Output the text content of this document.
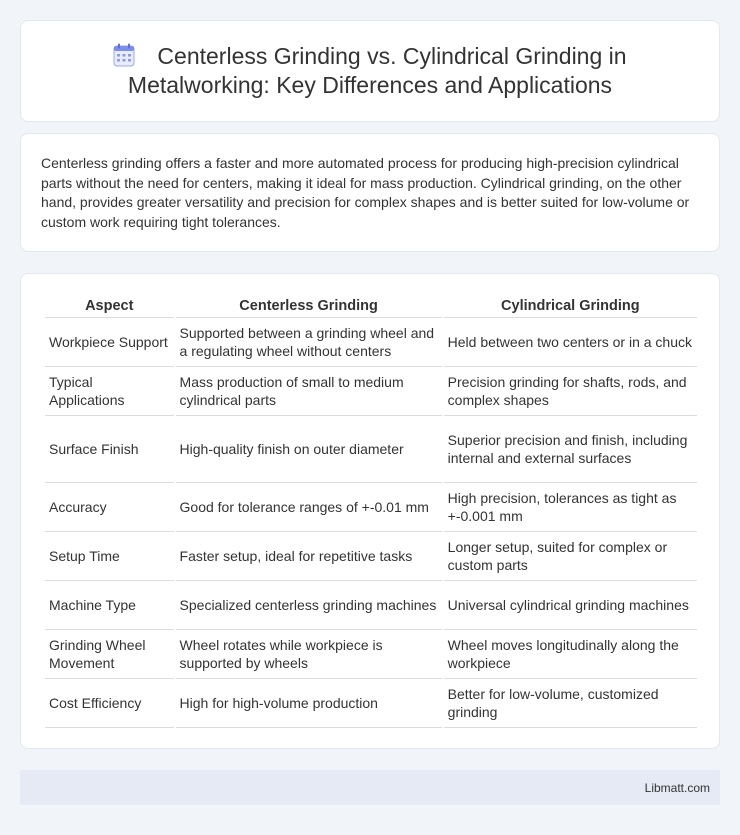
Centerless Grinding vs. Cylindrical Grinding in
Metalworking: Key Differences and Applications

Centerless grinding offers a faster and more automated process for producing high-precision cylindrical parts without the need for centers, making it ideal for mass production. Cylindrical grinding, on the other hand, provides greater versatility and precision for complex shapes and is better suited for low-volume or custom work requiring tight tolerances.

Aspect	Centerless Grinding	Cylindrical Grinding
Workpiece Support	Supported between a grinding wheel and a regulating wheel without centers	Held between two centers or in a chuck
Typical Applications	Mass production of small to medium cylindrical parts	Precision grinding for shafts, rods, and complex shapes
Surface Finish	High-quality finish on outer diameter	Superior precision and finish, including internal and external surfaces
Accuracy	Good for tolerance ranges of +-0.01 mm	High precision, tolerances as tight as +-0.001 mm
Setup Time	Faster setup, ideal for repetitive tasks	Longer setup, suited for complex or custom parts
Machine Type	Specialized centerless grinding machines	Universal cylindrical grinding machines
Grinding Wheel Movement	Wheel rotates while workpiece is supported by wheels	Wheel moves longitudinally along the workpiece
Cost Efficiency	High for high-volume production	Better for low-volume, customized grinding
Libmatt.com
